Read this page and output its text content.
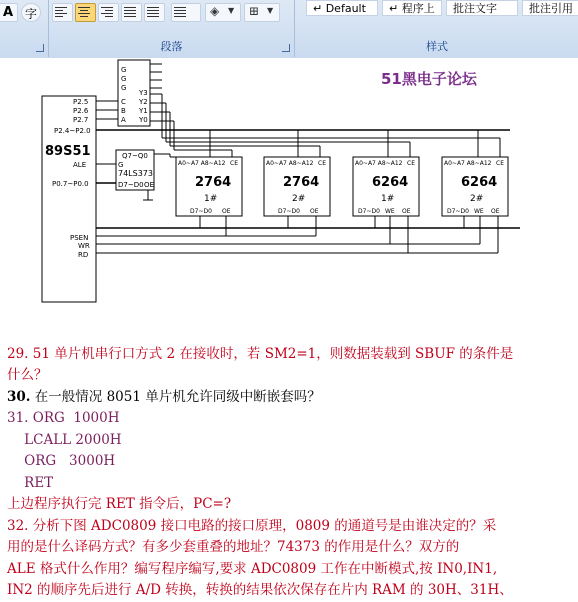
A 字	◈ ▼ ⊞ ▼
段落
↵ Default	↵ 程序上	批注文字	批注引用
样式
89S51
G
G
G
C
B
A
Y3
Y2
Y1
Y0
P2.5
P2.6
P2.7
P2.4~P2.0
ALE
P0.7~P0.0
PSEN
WR
RD
Q7~Q0
G
74LS373
D7~D0 OE
A0~A7 A8~A12 CE	A0~A7 A8~A12 CE	A0~A7 A8~A12 CE	A0~A7 A8~A12 CE
D7~D0 OE	D7~D0 OE	D7~D0 WE OE	D7~D0 WE OE
2764	2764	6264	6264
1#	2#	1#	2#
51黑电子论坛
29. 51 单片机串行口方式 2 在接收时，若 SM2=1，则数据装载到 SBUF 的条件是
什么？
30. 在一般情况 8051 单片机允许同级中断嵌套吗？
31. ORG  1000H
LCALL 2000H
ORG   3000H
RET
上边程序执行完 RET 指令后，PC=?
32. 分析下图 ADC0809 接口电路的接口原理，0809 的通道号是由谁决定的？采
用的是什么译码方式？有多少套重叠的地址？74373 的作用是什么？双方的
ALE 格式什么作用？编写程序编写,要求 ADC0809 工作在中断模式,按 IN0,IN1,
IN2 的顺序先后进行 A/D 转换，转换的结果依次保存在片内 RAM 的 30H、31H、
